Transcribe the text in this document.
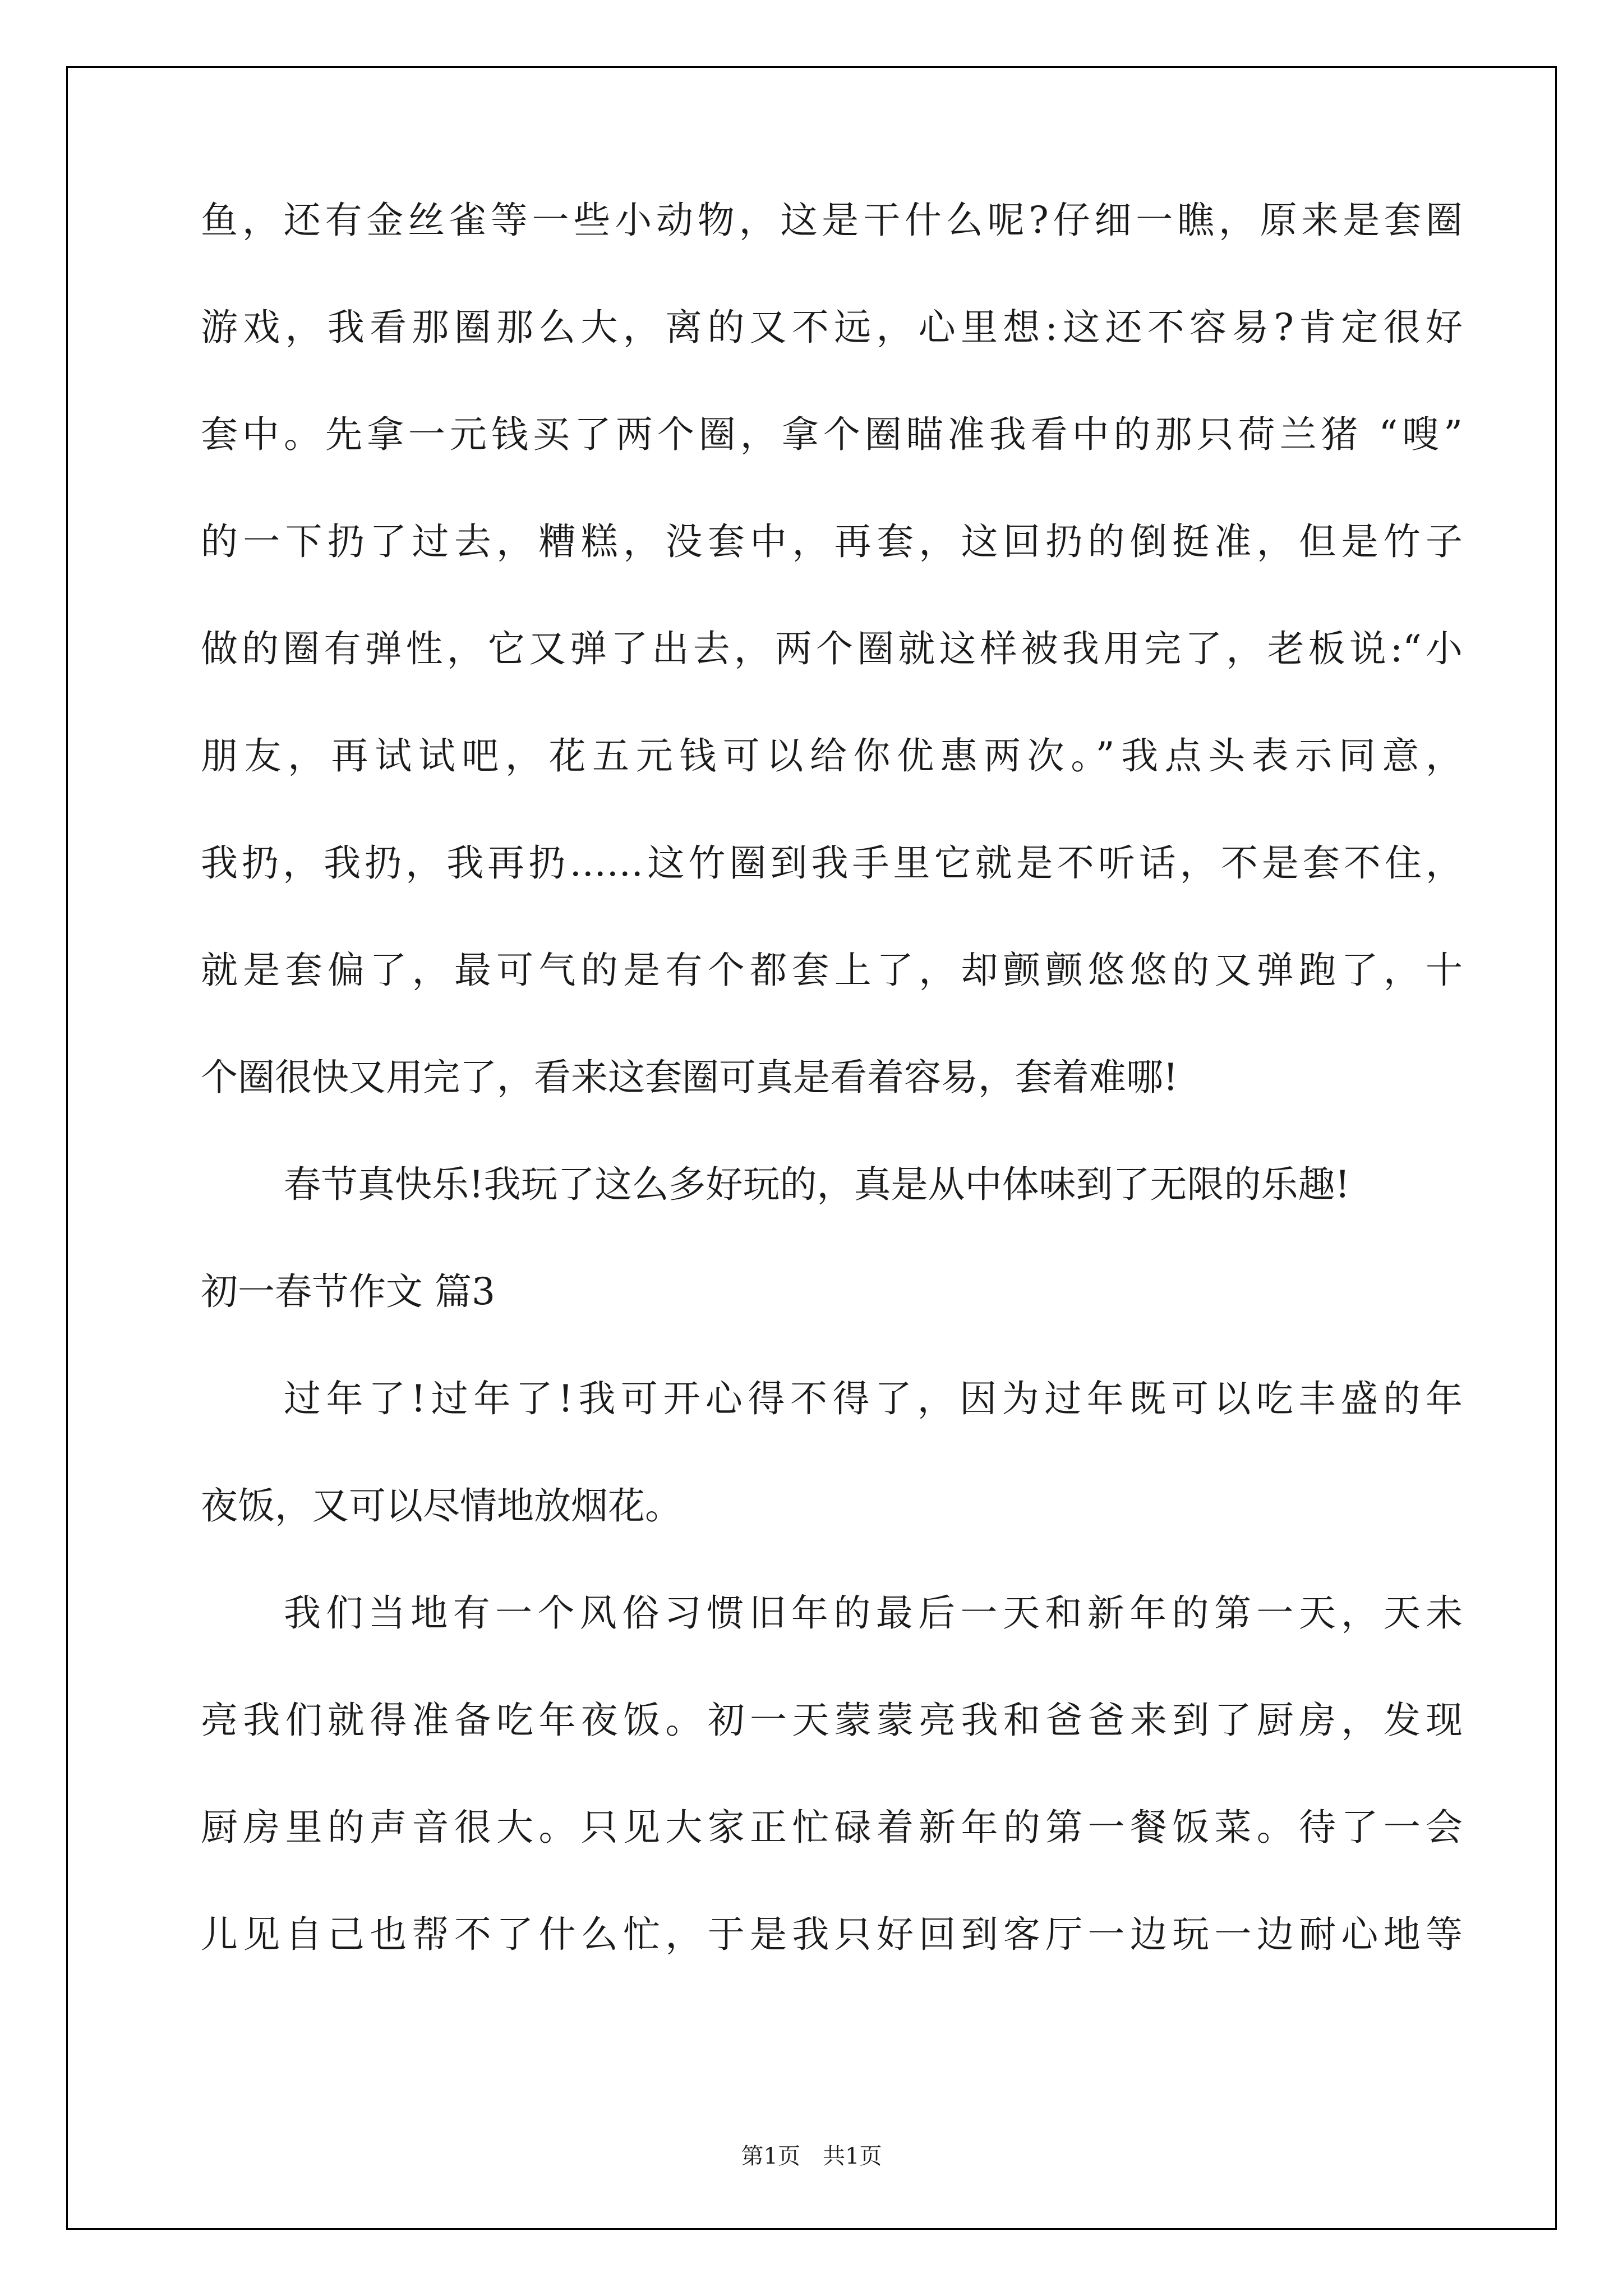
鱼，还有金丝雀等一些小动物，这是干什么呢?仔细一瞧，原来是套圈
游戏，我看那圈那么大，离的又不远，心里想:这还不容易?肯定很好
套中。先拿一元钱买了两个圈，拿个圈瞄准我看中的那只荷兰猪 “嗖”
的一下扔了过去，糟糕，没套中，再套，这回扔的倒挺准，但是竹子
做的圈有弹性，它又弹了出去，两个圈就这样被我用完了，老板说:“小
朋友，再试试吧，花五元钱可以给你优惠两次。”我点头表示同意，
我扔，我扔，我再扔……这竹圈到我手里它就是不听话，不是套不住，
就是套偏了，最可气的是有个都套上了，却颤颤悠悠的又弹跑了，十
个圈很快又用完了，看来这套圈可真是看着容易，套着难哪!
春节真快乐!我玩了这么多好玩的，真是从中体味到了无限的乐趣!
初一春节作文 篇3
过年了!过年了!我可开心得不得了，因为过年既可以吃丰盛的年
夜饭，又可以尽情地放烟花。
我们当地有一个风俗习惯旧年的最后一天和新年的第一天，天未
亮我们就得准备吃年夜饭。初一天蒙蒙亮我和爸爸来到了厨房，发现
厨房里的声音很大。只见大家正忙碌着新年的第一餐饭菜。待了一会
儿见自己也帮不了什么忙，于是我只好回到客厅一边玩一边耐心地等
第1页 共1页
